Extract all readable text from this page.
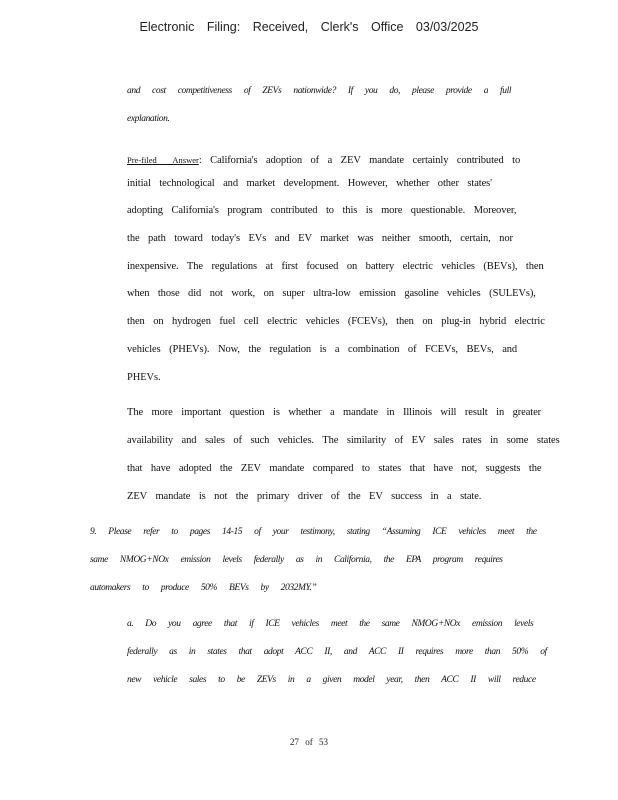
Electronic Filing: Received, Clerk's Office 03/03/2025
and cost competitiveness of ZEVs nationwide? If you do, please provide a full
explanation.
Pre-filed Answer: California's adoption of a ZEV mandate certainly contributed to
initial technological and market development. However, whether other states'
adopting California's program contributed to this is more questionable. Moreover,
the path toward today's EVs and EV market was neither smooth, certain, nor
inexpensive. The regulations at first focused on battery electric vehicles (BEVs), then
when those did not work, on super ultra-low emission gasoline vehicles (SULEVs),
then on hydrogen fuel cell electric vehicles (FCEVs), then on plug-in hybrid electric
vehicles (PHEVs). Now, the regulation is a combination of FCEVs, BEVs, and
PHEVs.
The more important question is whether a mandate in Illinois will result in greater
availability and sales of such vehicles. The similarity of EV sales rates in some states
that have adopted the ZEV mandate compared to states that have not, suggests the
ZEV mandate is not the primary driver of the EV success in a state.
9. Please refer to pages 14-15 of your testimony, stating “Assuming ICE vehicles meet the
same NMOG+NOx emission levels federally as in California, the EPA program requires
automakers to produce 50% BEVs by 2032MY.”
a. Do you agree that if ICE vehicles meet the same NMOG+NOx emission levels
federally as in states that adopt ACC II, and ACC II requires more than 50% of
new vehicle sales to be ZEVs in a given model year, then ACC II will reduce
27 of 53
